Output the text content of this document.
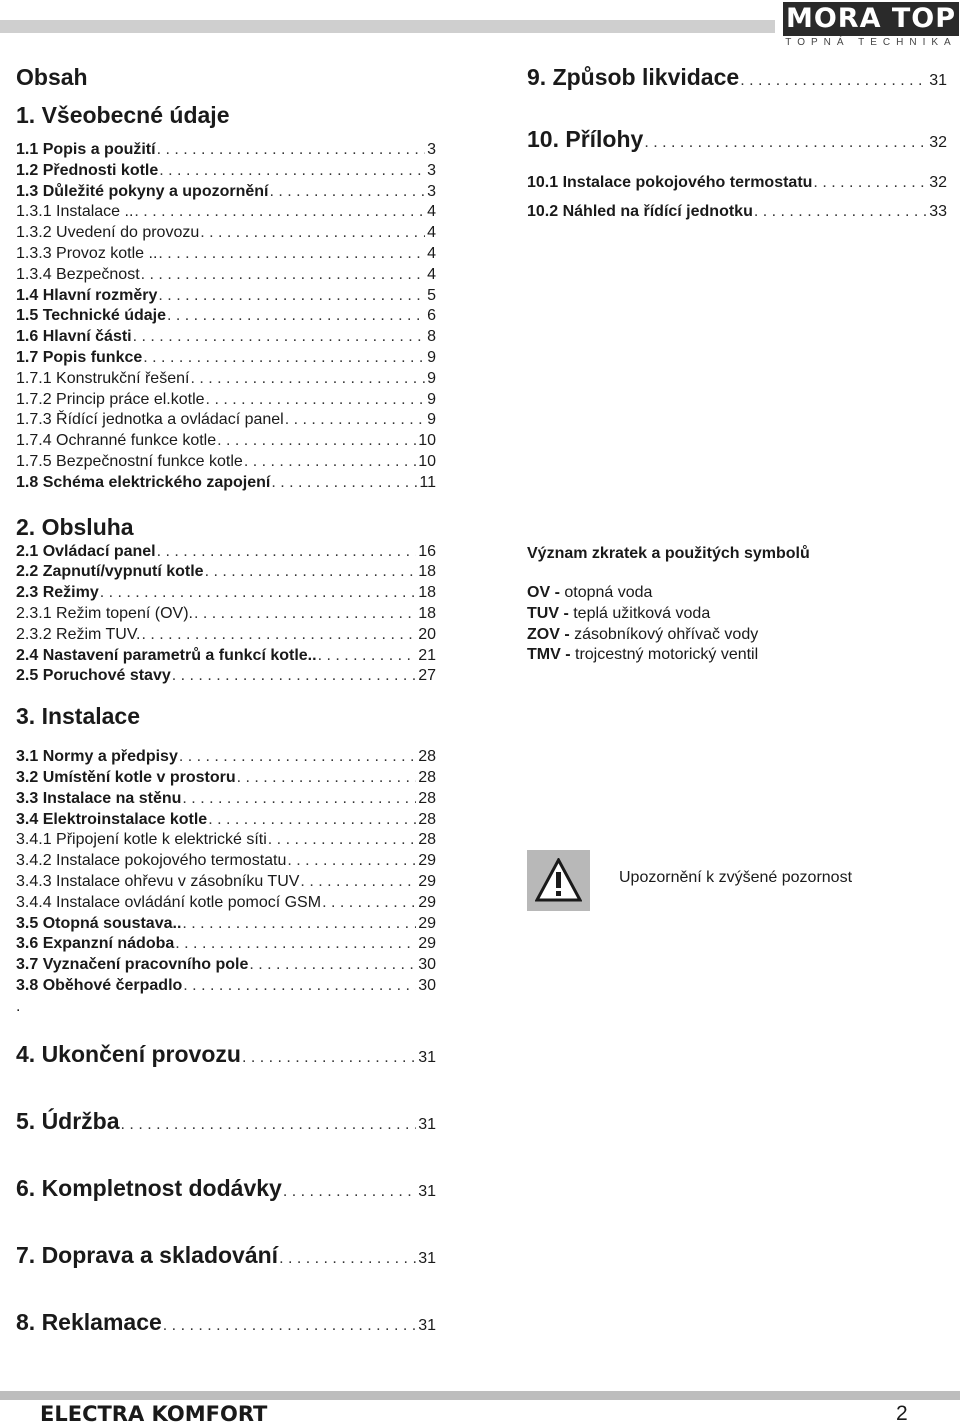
MORA TOP
TOPNÁ TECHNIKA
Obsah
1. Všeobecné údaje
1.1 Popis a použití . . .	3
1.2 Přednosti kotle . . .	3
1.3 Důležité pokyny a upozornění . . .	3
1.3.1 Instalace .. . . .	4
1.3.2 Uvedení do provozu . . .	4
1.3.3 Provoz kotle .. . . .	4
1.3.4 Bezpečnost . . .	4
1.4 Hlavní rozměry . . .	5
1.5 Technické údaje . . .	6
1.6 Hlavní části . . .	8
1.7 Popis funkce . . .	9
1.7.1 Konstrukční řešení . . .	9
1.7.2 Princip práce el.kotle . . .	9
1.7.3 Řídící jednotka a ovládací panel . . .	9
1.7.4 Ochranné funkce kotle . . .	10
1.7.5 Bezpečnostní funkce kotle . . .	10
1.8 Schéma elektrického zapojení . . .	11
2. Obsluha
2.1 Ovládací panel . . .	16
2.2 Zapnutí/vypnutí kotle . . .	18
2.3 Režimy . . .	18
2.3.1 Režim topení (OV). . . .	18
2.3.2 Režim TUV. . . .	20
2.4 Nastavení parametrů a funkcí kotle.. . . .	21
2.5 Poruchové stavy . . .	27
3. Instalace
3.1 Normy a předpisy . . .	28
3.2 Umístění kotle v prostoru . . .	28
3.3 Instalace na stěnu . . .	28
3.4 Elektroinstalace kotle . . .	28
3.4.1 Připojení kotle k elektrické síti . . .	28
3.4.2 Instalace pokojového termostatu . . .	29
3.4.3 Instalace ohřevu v zásobníku TUV . . .	29
3.4.4 Instalace ovládání kotle pomocí GSM . . .	29
3.5 Otopná soustava.. . . .	29
3.6 Expanzní nádoba . . .	29
3.7 Vyznačení pracovního pole . . .	30
3.8 Oběhové čerpadlo . . .	30
.
4. Ukončení provozu . . .	31
5. Údržba . . .	31
6. Kompletnost dodávky . . .	31
7. Doprava a skladování . . .	31
8. Reklamace . . .	31
9. Způsob likvidace . . .	31
10. Přílohy . . .	32
10.1 Instalace pokojového termostatu . . .	32
10.2 Náhled na řídící jednotku . . .	33
Význam zkratek a použitých symbolů
OV - otopná voda
TUV - teplá užitková voda
ZOV - zásobníkový ohřívač vody
TMV - trojcestný motorický ventil
Upozornění k zvýšené pozornost
ELECTRA KOMFORT	2
